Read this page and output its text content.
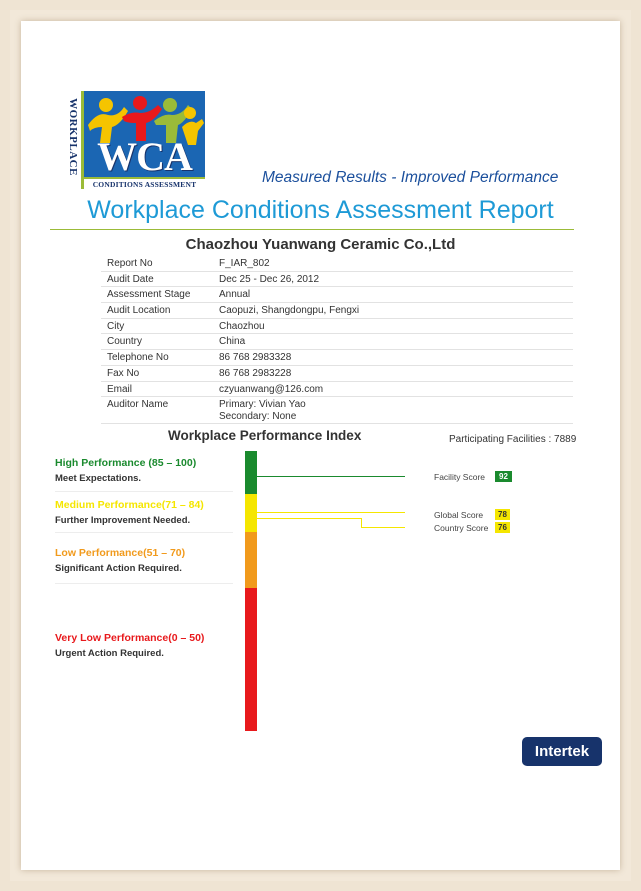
WORKPLACE WCA
CONDITIONS ASSESSMENT	Measured Results - Improved Performance
Workplace Conditions Assessment Report
Chaozhou Yuanwang Ceramic Co.,Ltd
Report No	F_IAR_802
Audit Date	Dec 25 - Dec 26, 2012
Assessment Stage	Annual
Audit Location	Caopuzi, Shangdongpu, Fengxi
City	Chaozhou
Country	China
Telephone No	86 768 2983328
Fax No	86 768 2983228
Email	czyuanwang@126.com
Auditor Name	Primary: Vivian Yao
Secondary: None
Workplace Performance Index	Participating Facilities : 7889
High Performance (85 – 100)
Meet Expectations.
Medium Performance(71 – 84)
Further Improvement Needed.
Low Performance(51 – 70)
Significant Action Required.
Very Low Performance(0 – 50)
Urgent Action Required.
Facility Score	92
Global Score	78
Country Score	76
Intertek
